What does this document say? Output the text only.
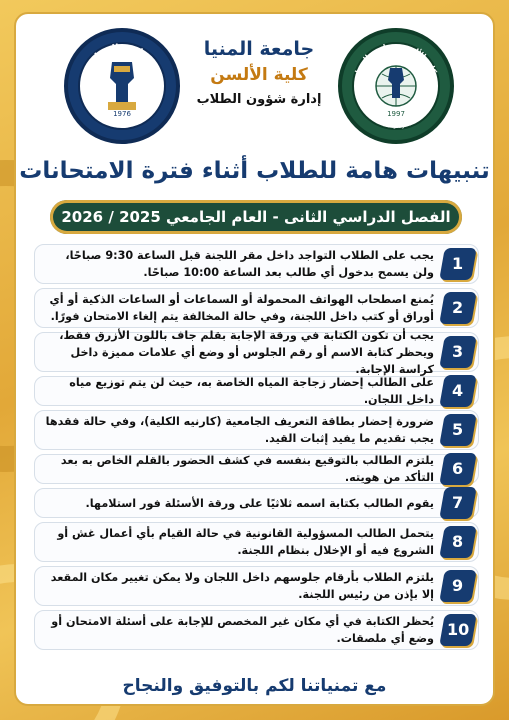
جامعة المنيا
MINIA UNIVERSITY
1976
جامعة المنيا
كلية الألسن
إدارة شؤون الطلاب
كلية الألسن - جامعة المنيا
Faculty of Al-Alsun (Languages) - Minia University
1997
تنبيهات هامة للطلاب أثناء فترة الامتحانات
الفصل الدراسي الثانى - العام الجامعي 2025 / 2026
1
يجب على الطلاب التواجد داخل مقر اللجنة قبل الساعة 9:30 صباحًا، ولن يسمح بدخول أي طالب بعد الساعة 10:00 صباحًا.
2
يُمنع اصطحاب الهواتف المحمولة أو السماعات أو الساعات الذكية أو أي أوراق أو كتب داخل اللجنة، وفي حالة المخالفة يتم إلغاء الامتحان فورًا.
3
يجب أن تكون الكتابة في ورقة الإجابة بقلم جاف باللون الأزرق فقط، ويحظر كتابة الاسم أو رقم الجلوس أو وضع أي علامات مميزة داخل كراسة الإجابة.
4
على الطالب إحضار زجاجة المياه الخاصة به، حيث لن يتم توزيع مياه داخل اللجان.
5
ضرورة إحضار بطاقة التعريف الجامعية (كارنيه الكلية)، وفي حالة فقدها يجب تقديم ما يفيد إثبات القيد.
6
يلتزم الطالب بالتوقيع بنفسه في كشف الحضور بالقلم الخاص به بعد التأكد من هويته.
7
يقوم الطالب بكتابة اسمه ثلاثيًا على ورقة الأسئلة فور استلامها.
8
يتحمل الطالب المسؤولية القانونية في حالة القيام بأي أعمال غش أو الشروع فيه أو الإخلال بنظام اللجنة.
9
يلتزم الطلاب بأرقام جلوسهم داخل اللجان ولا يمكن تغيير مكان المقعد إلا بإذن من رئيس اللجنة.
10
يُحظر الكتابة في أي مكان غير المخصص للإجابة على أسئلة الامتحان أو وضع أي ملصقات.
مع تمنياتنا لكم بالتوفيق والنجاح
